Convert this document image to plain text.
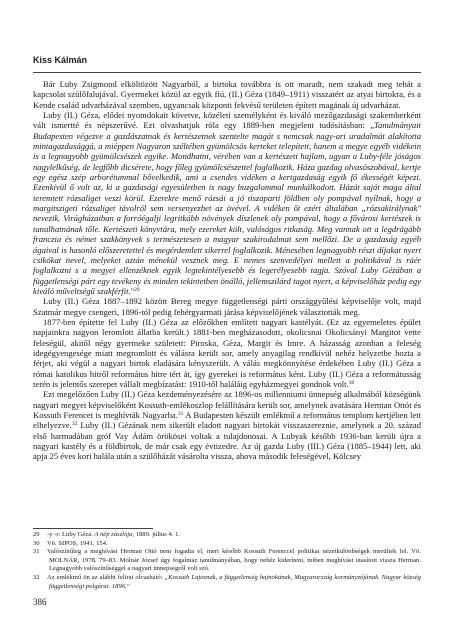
Kiss Kálmán

Bár Luby Zsigmond elköltözött Nagyarból, a birtoka továbbra is ott maradt, nem szakadt meg tehát a kapcsolat szülőfalujával. Gyermekei közül az egyik fiú, (II.) Géza (1849–1911) visszatért az atyai birtokra, és a Kende család udvarházával szemben, ugyancsak központi fekvésű területen épített magának új udvarházat.

Luby (II.) Géza, elődei nyomdokait követve, közéleti személyként és kiváló mezőgazdasági szakemberként vált ismertté és népszerűvé. Ezt olvashatjuk róla egy 1889-ben megjelent tudósításban: „Tanulmányait Budapesten végezve a gazdászatnak és kertészetnek szentelte magát s nemcsak nagy-ari uradalmát alakította mintagazdasággá, a miéppen Nagyaron széltében gyümölcsös kerteket telepített, hanem a megye egyéb vidékein is a legnagyobb gyümölcsészek egyike. Mondhatni, vérében van a kertészeti hajlam, ugyan a Luby-féle jóságos nagylelkűség, de legfőbb dicsérete, hogy főleg gyümölcsészettel foglalkozik. Háza gazdag olvasószobával, kertje egy egész szép arborétummal bővelkedik, ami a csendes vidéken a kertgazdaság egyik fő ékességét képezi. Ezenkívül ő volt az, ki a gazdasági egyesületben is nagy buzgalommal munkálkodott. Házát saját maga által teremtett rózsaliget veszi körül. Ezerekre menő rózsái a jó tiszaparti földben oly pompával nyílnak, hogy a margitszigeti rózsaliget távolról sem versenyezhet az övével. A vidéken őt ezért általában „rózsakirálynak" nevezik. Virágházaiban a forróégalji legritkább növények díszlenek oly pompával, hogy a fővárosi kertészek is tanulhatnának tőle. Kertészeti könyvtára, mely ezereket költ, valóságos ritkaság. Meg vannak ott a legdrágább franczia és német szakkönyvek s természetesen a magyar szakirodalmat sem mellőzi. De a gazdaság egyéb ágaival is hasonló előszeretettel és megérdemlett sikerrel foglalkozik. Ménesében legnagyobb részt díjakat nyert csikókat nevel, melyeket aztán ménekül vesznek meg. E nemes szenvedélyei mellett a politikával is ráér foglalkozni s a megyei ellenzéknek egyik legtekintélyesebb és legerélyesebb tagja. Szóval Luby Gézában a függetlenségi párt egy tevékeny és minden tekintetben önálló, jellemszilárd tagot nyert, a képviselőház pedig egy kiváló műveltségű szakférfit."$^{29}$

Luby (II.) Géza 1887–1892 között Bereg megye függetlenségi párti országgyűlési képviselője volt, majd Szatmár megye csengeri, 1896-tól pedig fehérgyarmati járása képviselőjének választották meg.

1877-ben építette fel Luby (II.) Géza az előzőkben említett nagyari kastélyát. (Ez az egyemeletes épület napjainkra nagyon leromlott állatba került.) 1881-ben megházasodott, okolicsnai Okolicsányi Margitot vette feleségül, akitől négy gyermeke született: Piroska, Géza, Margit és Imre. A házasság azonban a feleség idegégyengesége miatt megromlott és válásra került sor, amely anyagilag rendkívül nehéz helyzetbe hozta a férjet, aki végül a nagyari birtok eladására kényszerült. A válás megkönnyítése érdekében Luby (II.) Géza a római katolikus hitről református hitre tért át, így gyerekei is református ként. Luby (II.) Géza a reformátusság terén is jelentős szerepet vállalt megbízatást: 1910-től haláláig egyházmegyei gondnok volt.$^{30}$

Ezt megelőzően Luby (II.) Géza kezdeményezésére az 1896-os millenniumi ünnepség alkalmából községünk nagyari megyei képviselőként Kossuth-emlékoszlop felállítására került sor, amelynek avatására Herman Ottót és Kossuth Ferencet is meghívták Nagyarba.$^{31}$ A Budapesten készült emlékmű a református templom kertjében lett elhelyezve.$^{32}$ Luby (II.) Gézának nem sikerült eladott nagyari birtokát visszaszereznie, amelynek a 20. század első harmadában gróf Vay Ádám örökösei voltak a tulajdonosai. A Lubyak később 1936-ban került újra a nagyari kastély és a földbirtok, de már csak egy évtizedre. Az új gazda Luby (III.) Géza (1885–1944) lett, aki apja 25 éves kori halála után a szülőházát vásárolta vissza, ahova második feleségével, Kölcsey

29 -y -r: Luby Géza. A nép zászlója, 1889. július 4. 1.

30 Vö. SIPOS, 1941. 154.

31 Valószínűleg a meghívást Herman Ottó nem fogadta el, mert később Kossuth Ferenccel politikai nézetkülönbségek merültek fel. Vö. MOLNÁR, 1978. 79–83. Molnár József úgy fogalmaz tanulmányában, hogy nehéz kideríteni, miben meghívást utasított vissza Herman. Legnagyobb valószínűséggel a nagyari ünnepségről volt szó.

32 Az emlékmű ön az alábbi felirat olvasható: „Kossuth Lajosnak, a függetlenség bajnokának, Magyarország kormányzójának. Nagyar község függetlenségi polgárai. 1896."

386
